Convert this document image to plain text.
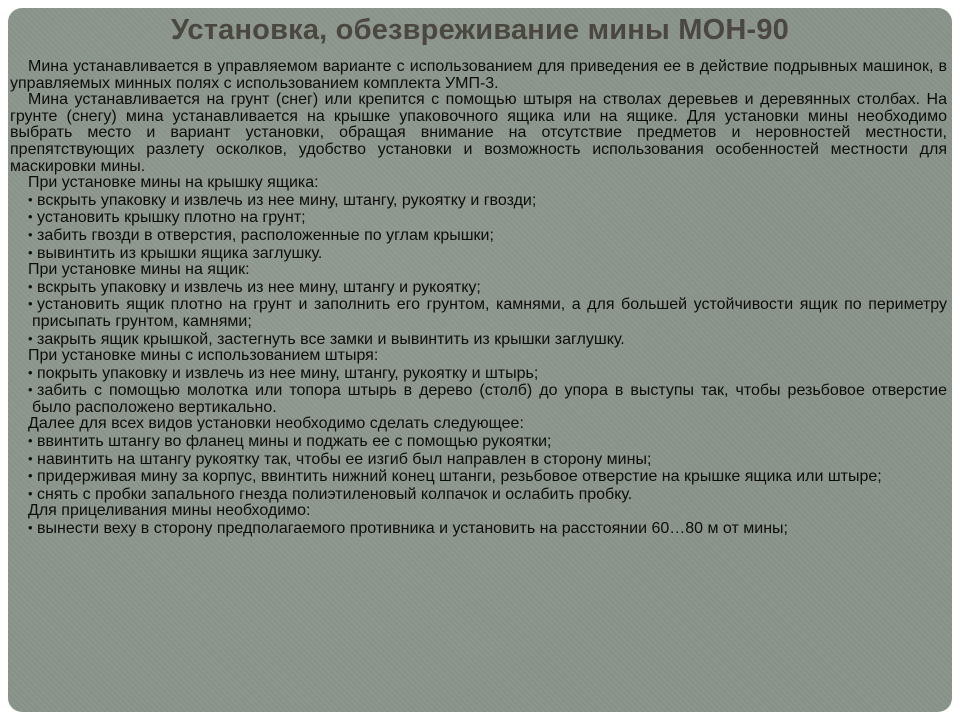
Установка, обезвреживание мины МОН-90
Мина устанавливается в управляемом варианте с использованием для приведения ее в действие подрывных машинок, в управляемых минных полях с использованием комплекта УМП-3.
Мина устанавливается на грунт (снег) или крепится с помощью штыря на стволах деревьев и деревянных столбах. На грунте (снегу) мина устанавливается на крышке упаковочного ящика или на ящике. Для установки мины необходимо выбрать место и вариант установки, обращая внимание на отсутствие предметов и неровностей местности, препятствующих разлету осколков, удобство установки и возможность использования особенностей местности для маскировки мины.
При установке мины на крышку ящика:
• вскрыть упаковку и извлечь из нее мину, штангу, рукоятку и гвозди;
• установить крышку плотно на грунт;
• забить гвозди в отверстия, расположенные по углам крышки;
• вывинтить из крышки ящика заглушку.
При установке мины на ящик:
• вскрыть упаковку и извлечь из нее мину, штангу и рукоятку;
• установить ящик плотно на грунт и заполнить его грунтом, камнями, а для большей устойчивости ящик по периметру присыпать грунтом, камнями;
• закрыть ящик крышкой, застегнуть все замки и вывинтить из крышки заглушку.
При установке мины с использованием штыря:
• покрыть упаковку и извлечь из нее мину, штангу, рукоятку и штырь;
• забить с помощью молотка или топора штырь в дерево (столб) до упора в выступы так, чтобы резьбовое отверстие было расположено вертикально.
Далее для всех видов установки необходимо сделать следующее:
• ввинтить штангу во фланец мины и поджать ее с помощью рукоятки;
• навинтить на штангу рукоятку так, чтобы ее изгиб был направлен в сторону мины;
• придерживая мину за корпус, ввинтить нижний конец штанги, резьбовое отверстие на крышке ящика или штыре;
• снять с пробки запального гнезда полиэтиленовый колпачок и ослабить пробку.
Для прицеливания мины необходимо:
• вынести веху в сторону предполагаемого противника и установить на расстоянии 60…80 м от мины;
